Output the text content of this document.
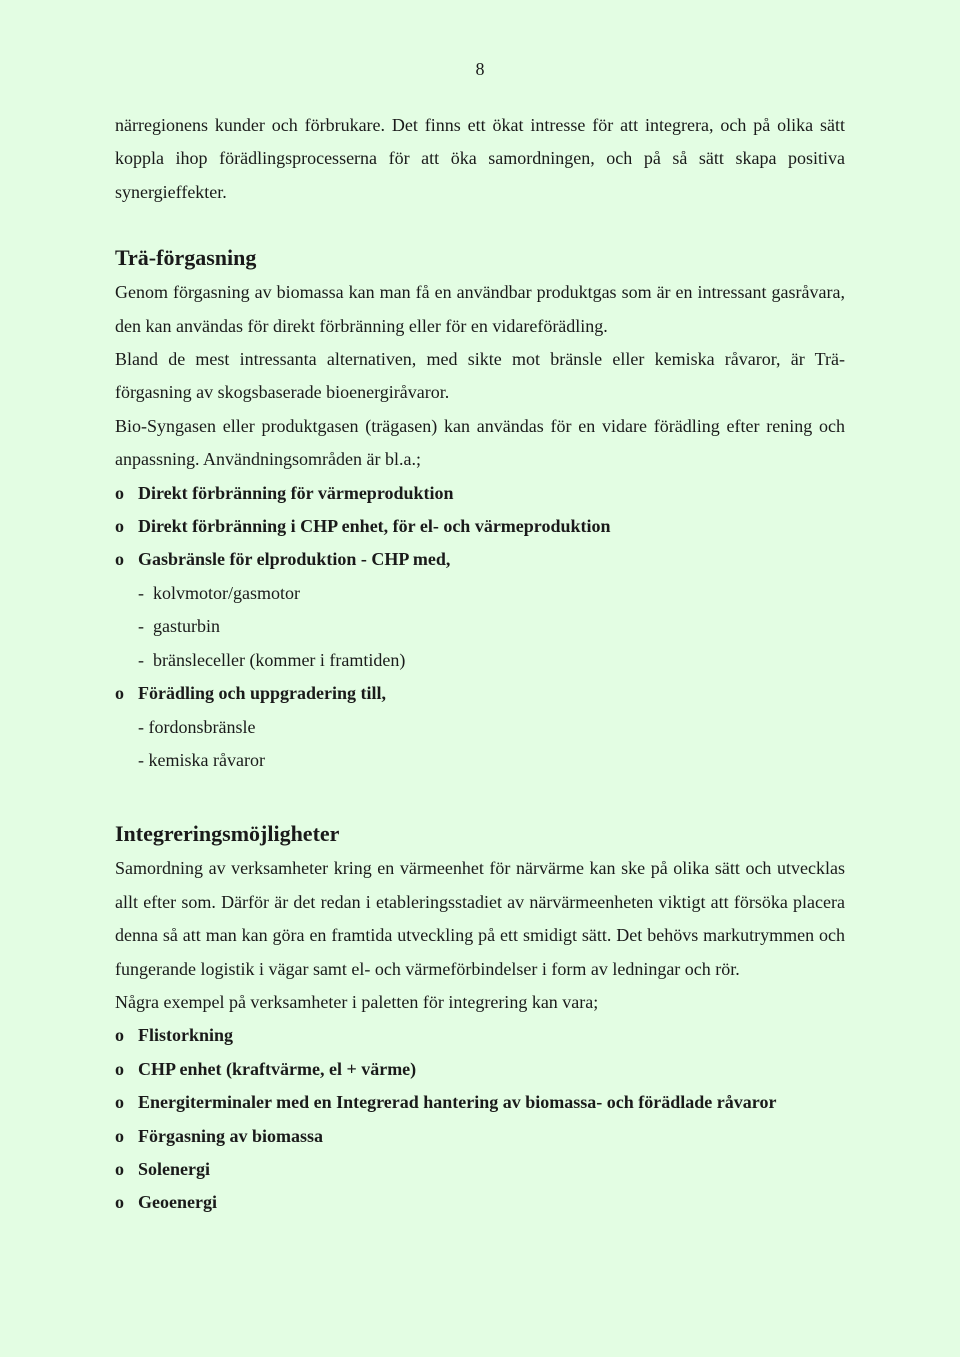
8

närregionens kunder och förbrukare. Det finns ett ökat intresse för att integrera, och på olika sätt koppla ihop förädlingsprocesserna för att öka samordningen, och på så sätt skapa positiva synergieffekter.

Trä-förgasning

Genom förgasning av biomassa kan man få en användbar produktgas som är en intressant gasråvara, den kan användas för direkt förbränning eller för en vidareförädling.

Bland de mest intressanta alternativen, med sikte mot bränsle eller kemiska råvaror, är Trä-förgasning av skogsbaserade bioenergiråvaror.

Bio-Syngasen eller produktgasen (trägasen) kan användas för en vidare förädling efter rening och anpassning. Användningsområden är bl.a.;

o Direkt förbränning för värmeproduktion
o Direkt förbränning i CHP enhet, för el- och värmeproduktion
o Gasbränsle för elproduktion - CHP med,
- kolvmotor/gasmotor
- gasturbin
- bränsleceller (kommer i framtiden)
o Förädling och uppgradering till,
- fordonsbränsle
- kemiska råvaror
Integreringsmöjligheter

Samordning av verksamheter kring en värmeenhet för närvärme kan ske på olika sätt och utvecklas allt efter som. Därför är det redan i etableringsstadiet av närvärmeenheten viktigt att försöka placera denna så att man kan göra en framtida utveckling på ett smidigt sätt. Det behövs markutrymmen och fungerande logistik i vägar samt el- och värmeförbindelser i form av ledningar och rör.

Några exempel på verksamheter i paletten för integrering kan vara;

o Flistorkning
o CHP enhet (kraftvärme, el + värme)
o Energiterminaler med en Integrerad hantering av biomassa- och förädlade råvaror
o Förgasning av biomassa
o Solenergi
o Geoenergi
